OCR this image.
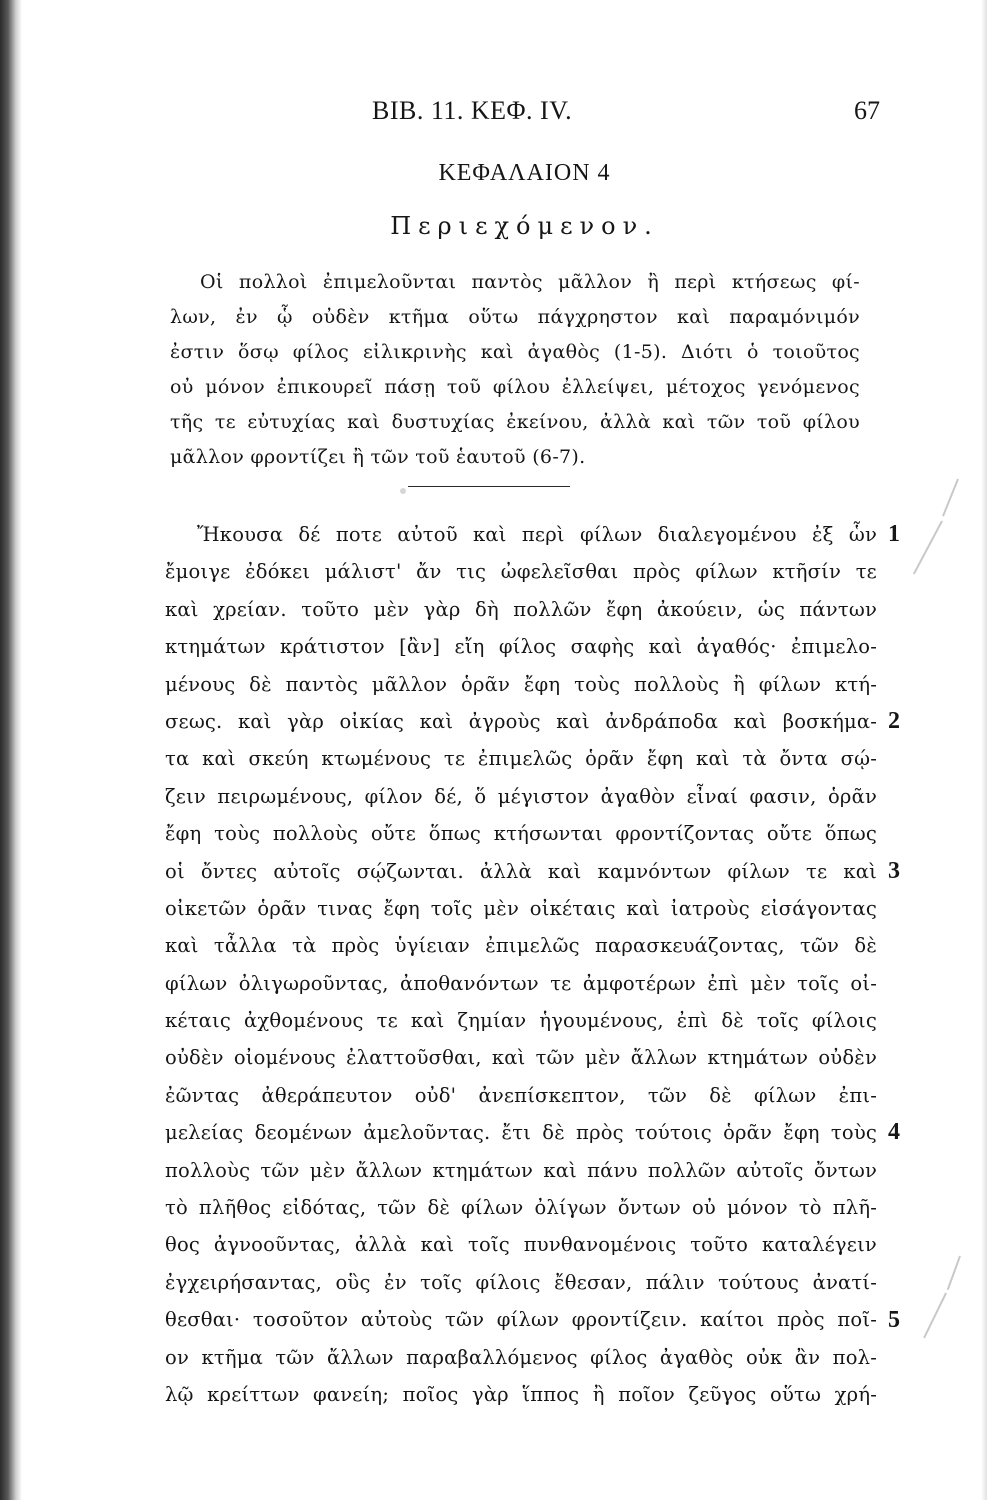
BIB. 11. ΚΕΦ. IV.	67
ΚΕΦΑΛΑΙΟΝ 4
Περιεχόμενον.
Οἱ πολλοὶ ἐπιμελοῦνται παντὸς μᾶλλον ἢ περὶ κτήσεως φί-
λων, ἐν ᾧ οὐδὲν κτῆμα οὕτω πάγχρηστον καὶ παραμόνιμόν
ἐστιν ὅσῳ φίλος εἰλικρινὴς καὶ ἀγαθὸς (1-5). Διότι ὁ τοιοῦτος
οὐ μόνον ἐπικουρεῖ πάσῃ τοῦ φίλου ἐλλείψει, μέτοχος γενόμενος
τῆς τε εὐτυχίας καὶ δυστυχίας ἐκείνου, ἀλλὰ καὶ τῶν τοῦ φίλου
μᾶλλον φροντίζει ἢ τῶν τοῦ ἑαυτοῦ (6-7).
Ἤκουσα δέ ποτε αὐτοῦ καὶ περὶ φίλων διαλεγομένου ἐξ ὧν
ἔμοιγε ἐδόκει μάλιστ' ἄν τις ὠφελεῖσθαι πρὸς φίλων κτῆσίν τε
καὶ χρείαν. τοῦτο μὲν γὰρ δὴ πολλῶν ἔφη ἀκούειν, ὡς πάντων
κτημάτων κράτιστον [ἂν] εἴη φίλος σαφὴς καὶ ἀγαθός· ἐπιμελο-
μένους δὲ παντὸς μᾶλλον ὁρᾶν ἔφη τοὺς πολλοὺς ἢ φίλων κτή-
σεως. καὶ γὰρ οἰκίας καὶ ἀγροὺς καὶ ἀνδράποδα καὶ βοσκήμα-
τα καὶ σκεύη κτωμένους τε ἐπιμελῶς ὁρᾶν ἔφη καὶ τὰ ὄντα σῴ-
ζειν πειρωμένους, φίλον δέ, ὅ μέγιστον ἀγαθὸν εἶναί φασιν, ὁρᾶν
ἔφη τοὺς πολλοὺς οὔτε ὅπως κτήσωνται φροντίζοντας οὔτε ὅπως
οἱ ὄντες αὐτοῖς σῴζωνται. ἀλλὰ καὶ καμνόντων φίλων τε καὶ
οἰκετῶν ὁρᾶν τινας ἔφη τοῖς μὲν οἰκέταις καὶ ἰατροὺς εἰσάγοντας
καὶ τἆλλα τὰ πρὸς ὑγίειαν ἐπιμελῶς παρασκευάζοντας, τῶν δὲ
φίλων ὀλιγωροῦντας, ἀποθανόντων τε ἀμφοτέρων ἐπὶ μὲν τοῖς οἰ-
κέταις ἀχθομένους τε καὶ ζημίαν ἡγουμένους, ἐπὶ δὲ τοῖς φίλοις
οὐδὲν οἰομένους ἐλαττοῦσθαι, καὶ τῶν μὲν ἄλλων κτημάτων οὐδὲν
ἐῶντας ἀθεράπευτον οὐδ' ἀνεπίσκεπτον, τῶν δὲ φίλων ἐπι-
μελείας δεομένων ἀμελοῦντας. ἔτι δὲ πρὸς τούτοις ὁρᾶν ἔφη τοὺς
πολλοὺς τῶν μὲν ἄλλων κτημάτων καὶ πάνυ πολλῶν αὐτοῖς ὄντων
τὸ πλῆθος εἰδότας, τῶν δὲ φίλων ὀλίγων ὄντων οὐ μόνον τὸ πλῆ-
θος ἀγνοοῦντας, ἀλλὰ καὶ τοῖς πυνθανομένοις τοῦτο καταλέγειν
ἐγχειρήσαντας, οὓς ἐν τοῖς φίλοις ἔθεσαν, πάλιν τούτους ἀνατί-
θεσθαι· τοσοῦτον αὐτοὺς τῶν φίλων φροντίζειν. καίτοι πρὸς ποῖ-
ον κτῆμα τῶν ἄλλων παραβαλλόμενος φίλος ἀγαθὸς οὐκ ἂν πολ-
λῷ κρείττων φανείη; ποῖος γὰρ ἵππος ἢ ποῖον ζεῦγος οὕτω χρή-
1
2
3
4
5
